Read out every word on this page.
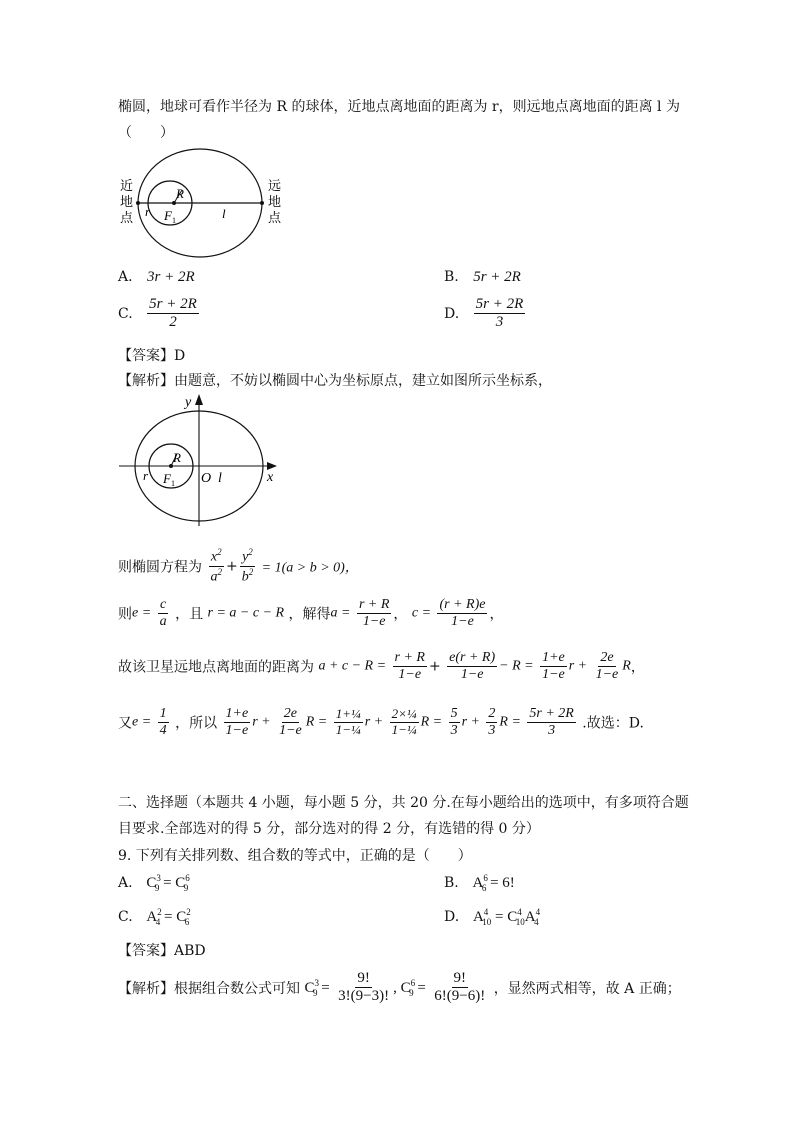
椭圆，地球可看作半径为 R 的球体，近地点离地面的距离为 r，则远地点离地面的距离 l 为
（　　）
R
r F 1	l
近
地
点
远
地
点
A. 3r + 2R	B. 5r + 2R
C. $\frac{5r + 2R}{2}$	D. $\frac{5r + 2R}{3}$
【答案】D
【解析】由题意，不妨以椭圆中心为坐标原点，建立如图所示坐标系，
y
x
R
r F 1 O l
则椭圆方程为 $\frac{x^2}{a^2} + \frac{y^2}{b^2} = 1(a > b > 0)$，
则$e = \frac{c}{a}$ ，且 r = a − c − R ，解得$a = \frac{r + R}{1-e}$ ， $c = \frac{(r + R)e}{1-e}$ ，
故该卫星远地点离地面的距离为 $a + c - R = \frac{r + R}{1-e} + \frac{e(r + R)}{1-e} - R = \frac{1+e}{1-e}$ $r + \frac{2e}{1-e}$ R，
又$e = \frac{1}{4}$ ，所以 $\frac{1+e}{1-e}$ $r + \frac{2e}{1-e}$ $R = \frac{\text{1+¼}}{\text{1−¼}}$ $r + \frac{\text{2×¼}}{\text{1−¼}}$ $R = \frac{5}{3}$ $r + \frac{2}{3}$ $R = \frac{5r + 2R}{3}$ .故选：D.
二、选择题（本题共 4 小题，每小题 5 分，共 20 分.在每小题给出的选项中，有多项符合题
目要求.全部选对的得 5 分，部分选对的得 2 分，有选错的得 0 分）
9. 下列有关排列数、组合数的等式中，正确的是（　　）
A. $C^3_9 = C^6_9$	B. $A^6_6 = 6$!
C. $A^2_4 = C^2_6$	D. $A^4_{10} = C^4_{10}A^4_4$
【答案】ABD
【解析】根据组合数公式可知 $C^3_9 = \frac{9!}{3!(9-3)!}$ , $C^6_9 = \frac{9!}{6!(9-6)!}$ ，显然两式相等，故 A 正确；
